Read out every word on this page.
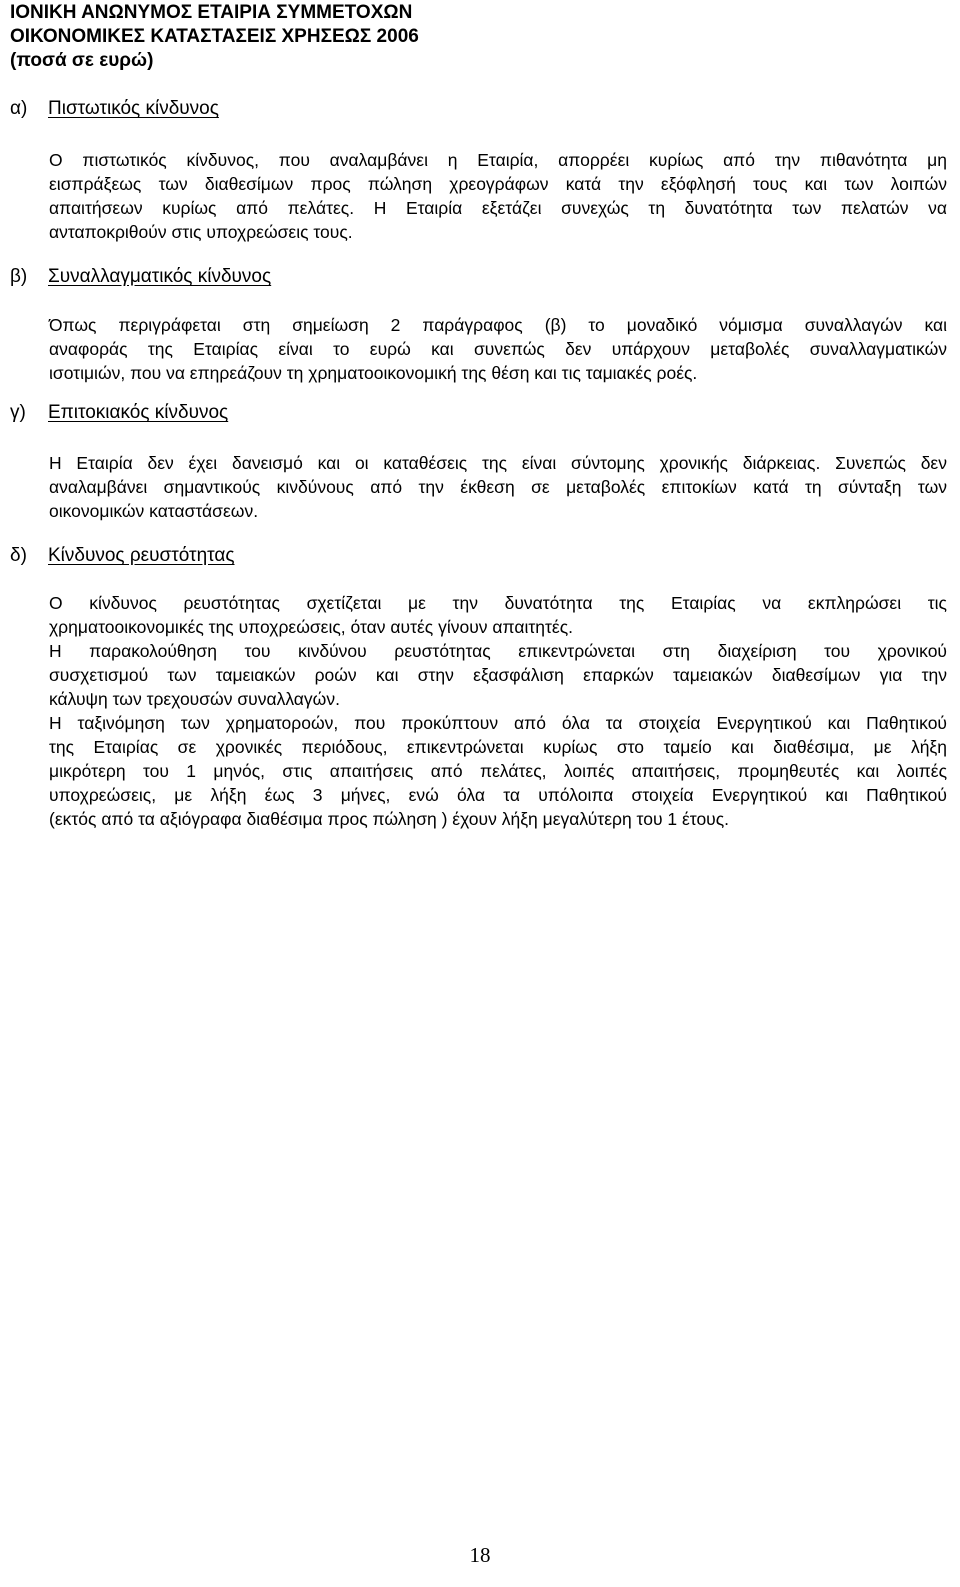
ΙΟΝΙΚΗ ΑΝΩΝΥΜΟΣ ΕΤΑΙΡΙΑ ΣΥΜΜΕΤΟΧΩΝ
ΟΙΚΟΝΟΜΙΚΕΣ ΚΑΤΑΣΤΑΣΕΙΣ ΧΡΗΣΕΩΣ 2006
(ποσά σε ευρώ)
α) Πιστωτικός κίνδυνος
Ο πιστωτικός κίνδυνος, που αναλαμβάνει η Εταιρία, απορρέει κυρίως από την πιθανότητα μη
εισπράξεως των διαθεσίμων προς πώληση χρεογράφων κατά την εξόφλησή τους και των λοιπών
απαιτήσεων κυρίως από πελάτες. Η Εταιρία εξετάζει συνεχώς τη δυνατότητα των πελατών να
ανταποκριθούν στις υποχρεώσεις τους.
β) Συναλλαγματικός κίνδυνος
Όπως περιγράφεται στη σημείωση 2 παράγραφος (β) το μοναδικό νόμισμα συναλλαγών και
αναφοράς της Εταιρίας είναι το ευρώ και συνεπώς δεν υπάρχουν μεταβολές συναλλαγματικών
ισοτιμιών, που να επηρεάζουν τη χρηματοοικονομική της θέση και τις ταμιακές ροές.
γ) Επιτοκιακός κίνδυνος
Η Εταιρία δεν έχει δανεισμό και οι καταθέσεις της είναι σύντομης χρονικής διάρκειας. Συνεπώς δεν
αναλαμβάνει σημαντικούς κινδύνους από την έκθεση σε μεταβολές επιτοκίων κατά τη σύνταξη των
οικονομικών καταστάσεων.
δ) Κίνδυνος ρευστότητας
Ο κίνδυνος ρευστότητας σχετίζεται με την δυνατότητα της Εταιρίας να εκπληρώσει τις
χρηματοοικονομικές της υποχρεώσεις, όταν αυτές γίνουν απαιτητές.
Η παρακολούθηση του κινδύνου ρευστότητας επικεντρώνεται στη διαχείριση του χρονικού
συσχετισμού των ταμειακών ροών και στην εξασφάλιση επαρκών ταμειακών διαθεσίμων για την
κάλυψη των τρεχουσών συναλλαγών.
Η ταξινόμηση των χρηματοροών, που προκύπτουν από όλα τα στοιχεία Ενεργητικού και Παθητικού
της Εταιρίας σε χρονικές περιόδους, επικεντρώνεται κυρίως στο ταμείο και διαθέσιμα, με λήξη
μικρότερη του 1 μηνός, στις απαιτήσεις από πελάτες, λοιπές απαιτήσεις, προμηθευτές και λοιπές
υποχρεώσεις, με λήξη έως 3 μήνες, ενώ όλα τα υπόλοιπα στοιχεία Ενεργητικού και Παθητικού
(εκτός από τα αξιόγραφα διαθέσιμα προς πώληση ) έχουν λήξη μεγαλύτερη του 1 έτους.
18
